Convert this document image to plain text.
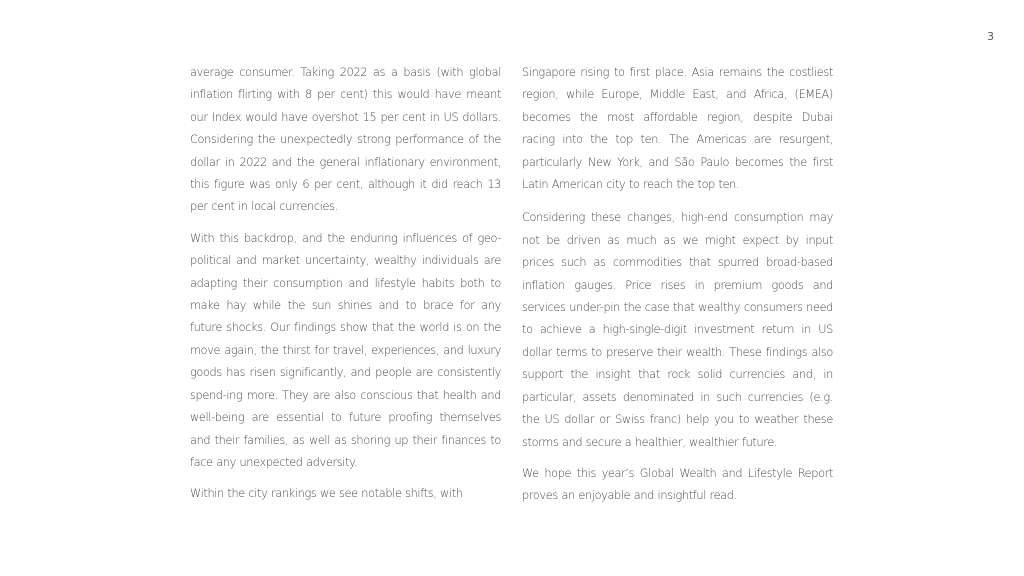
3

average consumer. Taking 2022 as a basis (with global inflation flirting with 8 per cent) this would have meant our Index would have overshot 15 per cent in US dollars. Considering the unexpectedly strong performance of the dollar in 2022 and the general inflationary environment, this figure was only 6 per cent, although it did reach 13 per cent in local currencies.

With this backdrop, and the enduring influences of geo-political and market uncertainty, wealthy individuals are adapting their consumption and lifestyle habits both to make hay while the sun shines and to brace for any future shocks. Our findings show that the world is on the move again, the thirst for travel, experiences, and luxury goods has risen significantly, and people are consistently spend-ing more. They are also conscious that health and well-being are essential to future proofing themselves and their families, as well as shoring up their finances to face any unexpected adversity.

Within the city rankings we see notable shifts, with

Singapore rising to first place. Asia remains the costliest region, while Europe, Middle East, and Africa, (EMEA) becomes the most affordable region, despite Dubai racing into the top ten. The Americas are resurgent, particularly New York, and São Paulo becomes the first Latin American city to reach the top ten.

Considering these changes, high-end consumption may not be driven as much as we might expect by input prices such as commodities that spurred broad-based inflation gauges. Price rises in premium goods and services under-pin the case that wealthy consumers need to achieve a high-single-digit investment return in US dollar terms to preserve their wealth. These findings also support the insight that rock solid currencies and, in particular, assets denominated in such currencies (e.g. the US dollar or Swiss franc) help you to weather these storms and secure a healthier, wealthier future.

We hope this year’s Global Wealth and Lifestyle Report proves an enjoyable and insightful read.
